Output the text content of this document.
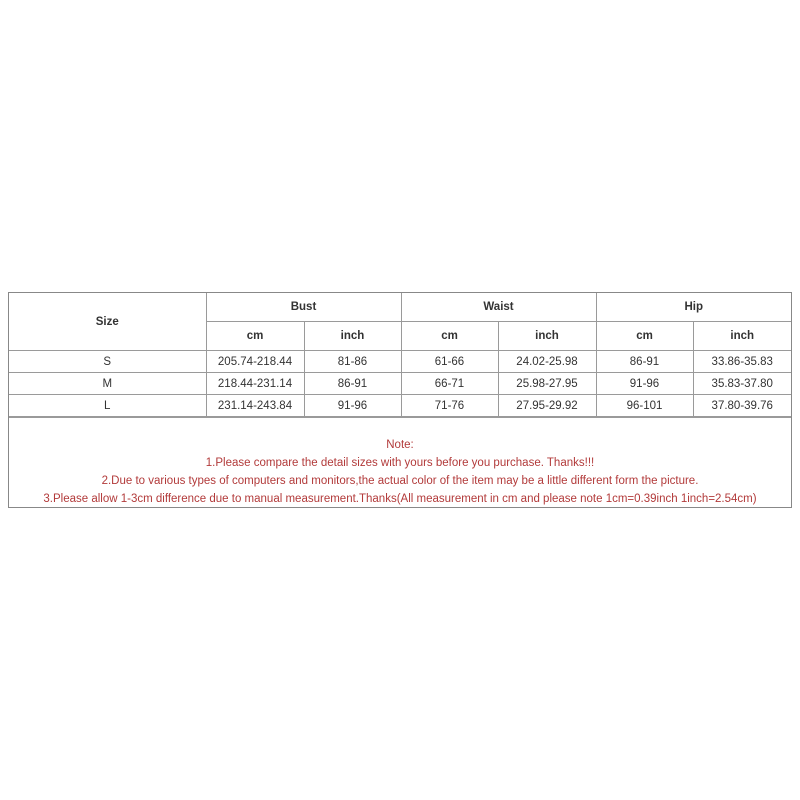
Size	Bust		Waist		Hip	
	cm	inch	cm	inch	cm	inch
S	205.74-218.44	81-86	61-66	24.02-25.98	86-91	33.86-35.83
M	218.44-231.14	86-91	66-71	25.98-27.95	91-96	35.83-37.80
L	231.14-243.84	91-96	71-76	27.95-29.92	96-101	37.80-39.76
Note:
1.Please compare the detail sizes with yours before you purchase. Thanks!!!
2.Due to various types of computers and monitors,the actual color of the item may be a little different form the picture.
3.Please allow 1-3cm difference due to manual measurement.Thanks(All measurement in cm and please note 1cm=0.39inch 1inch=2.54cm)
